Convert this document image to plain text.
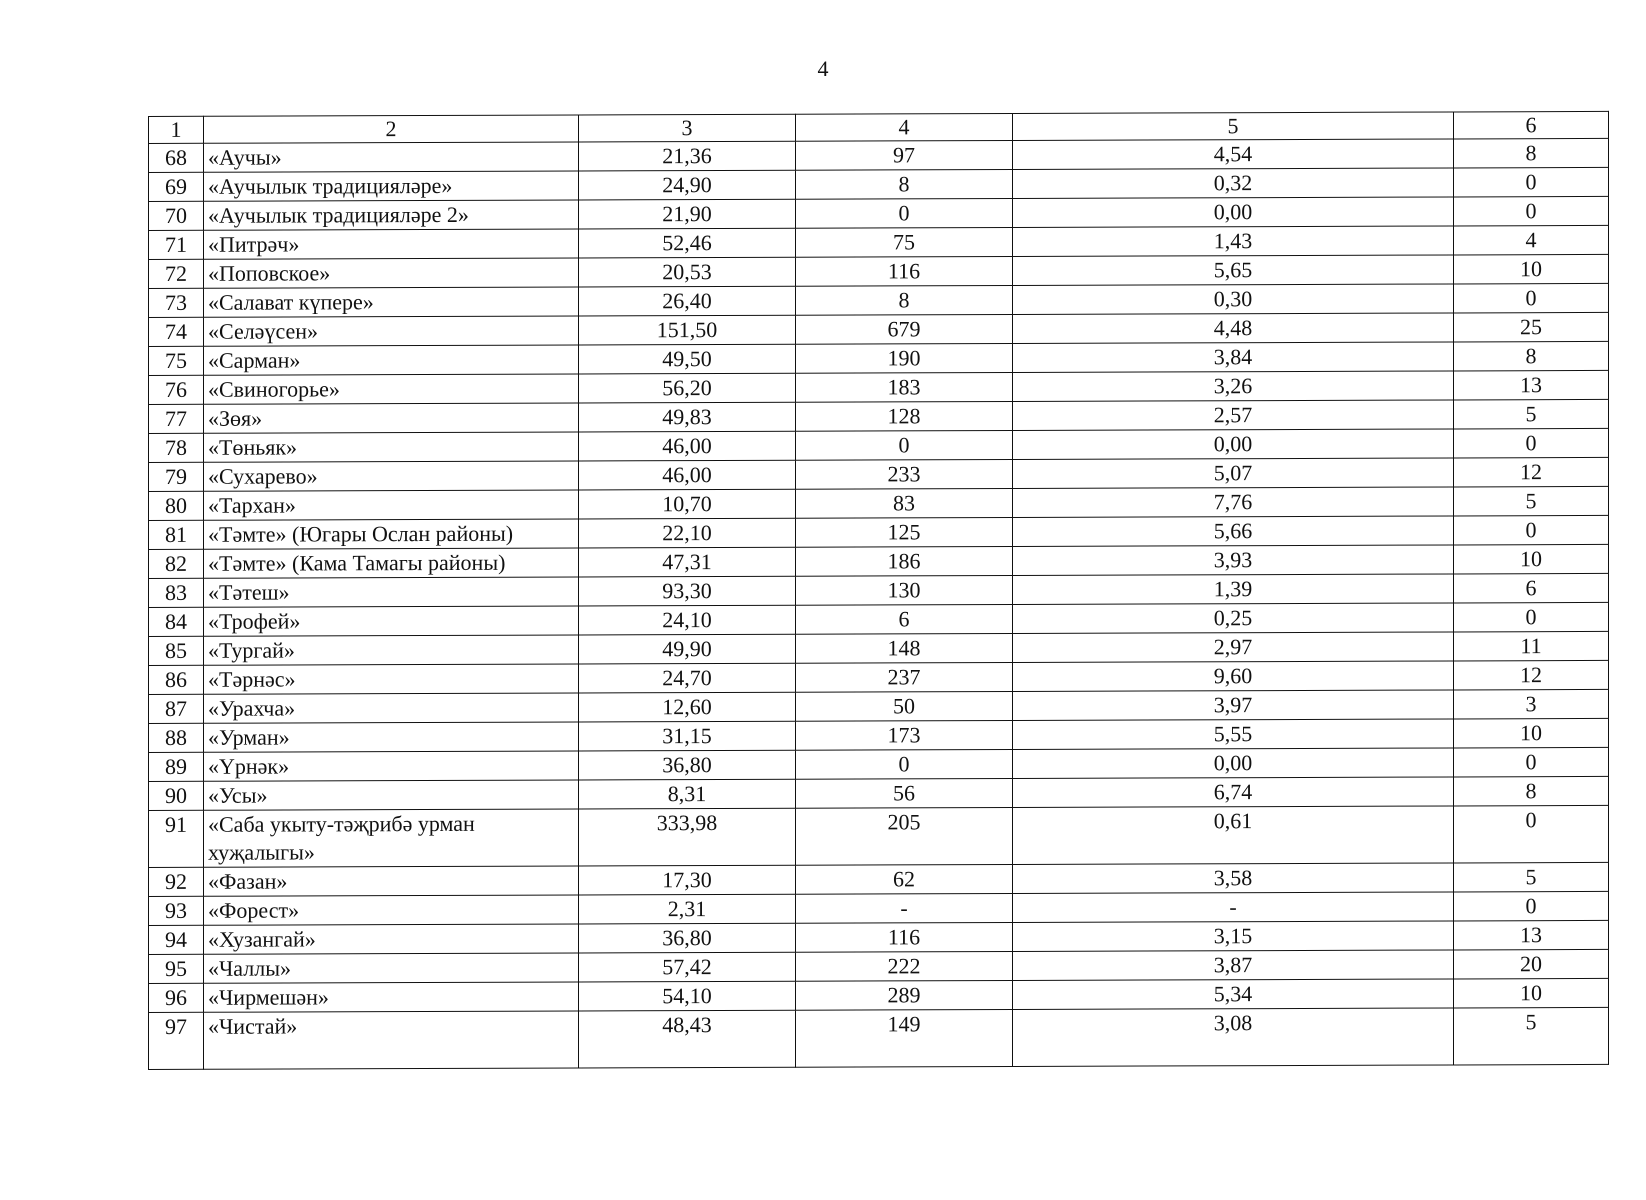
4
1	2	3	4	5	6
68	«Аучы»	21,36	97	4,54	8
69	«Аучылык традицияләре»	24,90	8	0,32	0
70	«Аучылык традицияләре 2»	21,90	0	0,00	0
71	«Питрәч»	52,46	75	1,43	4
72	«Поповское»	20,53	116	5,65	10
73	«Салават күпере»	26,40	8	0,30	0
74	«Селәүсен»	151,50	679	4,48	25
75	«Сарман»	49,50	190	3,84	8
76	«Свиногорье»	56,20	183	3,26	13
77	«Зөя»	49,83	128	2,57	5
78	«Төньяк»	46,00	0	0,00	0
79	«Сухарево»	46,00	233	5,07	12
80	«Тархан»	10,70	83	7,76	5
81	«Тәмте» (Югары Ослан районы)	22,10	125	5,66	0
82	«Тәмте» (Кама Тамагы районы)	47,31	186	3,93	10
83	«Тәтеш»	93,30	130	1,39	6
84	«Трофей»	24,10	6	0,25	0
85	«Тургай»	49,90	148	2,97	11
86	«Тәрнәс»	24,70	237	9,60	12
87	«Урахча»	12,60	50	3,97	3
88	«Урман»	31,15	173	5,55	10
89	«Үрнәк»	36,80	0	0,00	0
90	«Усы»	8,31	56	6,74	8
91	«Саба укыту-тәҗрибә урман хуҗалыгы»	333,98	205	0,61	0
92	«Фазан»	17,30	62	3,58	5
93	«Форест»	2,31	-	-	0
94	«Хузангай»	36,80	116	3,15	13
95	«Чаллы»	57,42	222	3,87	20
96	«Чирмешән»	54,10	289	5,34	10
97	«Чистай»	48,43	149	3,08	5
